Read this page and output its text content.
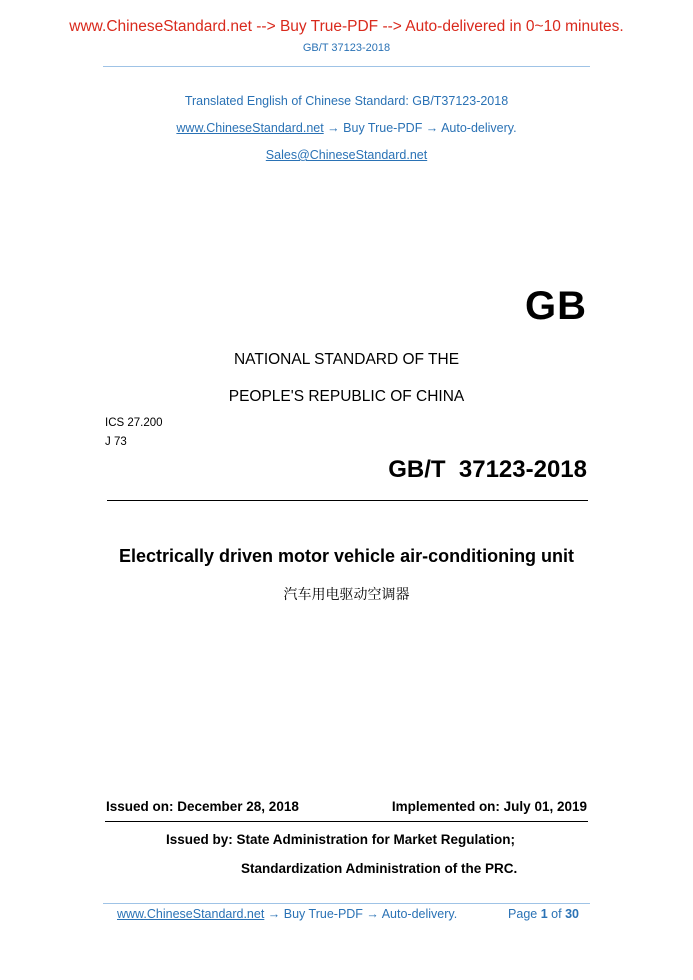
www.ChineseStandard.net --> Buy True-PDF --> Auto-delivered in 0~10 minutes.
GB/T 37123-2018
Translated English of Chinese Standard: GB/T37123-2018
www.ChineseStandard.net → Buy True-PDF → Auto-delivery.
Sales@ChineseStandard.net
GB
NATIONAL STANDARD OF THE
PEOPLE'S REPUBLIC OF CHINA
ICS 27.200
J 73
GB/T  37123-2018
Electrically driven motor vehicle air-conditioning unit
汽车用电驱动空调器
Issued on: December 28, 2018	Implemented on: July 01, 2019
Issued by: State Administration for Market Regulation;
Standardization Administration of the PRC.
www.ChineseStandard.net → Buy True-PDF → Auto-delivery.	Page 1 of 30
